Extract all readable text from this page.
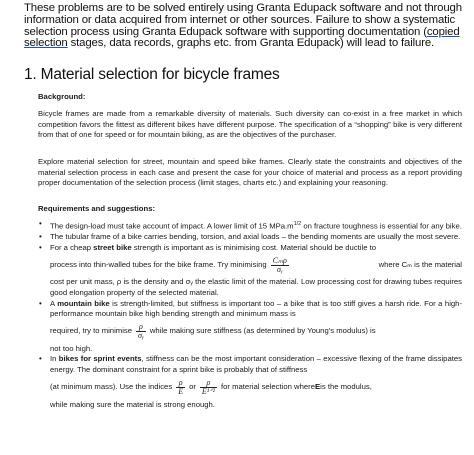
These problems are to be solved entirely using Granta Edupack software and not through information or data acquired from internet or other sources. Failure to show a systematic selection process using Granta Edupack software with supporting documentation (copied selection stages, data records, graphs etc. from Granta Edupack) will lead to failure.
1. Material selection for bicycle frames
Background:
Bicycle frames are made from a remarkable diversity of materials. Such diversity can co-exist in a free market in which competition favors the fittest as different bikes have different purpose. The specification of a “shopping” bike is very different from that of one for speed or for mountain biking, as are the objectives of the purchaser.
Explore material selection for street, mountain and speed bike frames. Clearly state the constraints and objectives of the material selection process in each case and present the case for your choice of material and process as a report providing proper documentation of the selection process (limit stages, charts etc.) and explaining your reasoning.
Requirements and suggestions:
• The design-load must take account of impact. A lower limit of 15 $MPa.m^{1/2}$ on fracture toughness is essential for any bike.
• The tubular frame of a bike carries bending, torsion, and axial loads – the bending moments are usually the most severe.
• For a cheap street bike strength is important as is minimising cost. Material should be ductile to
process into thin-walled tubes for the bike frame. Try minimising $\frac{\text{Cₘρ}}{\text{σᵧ}}$	where Cₘ is the material
cost per unit mass, ρ is the density and σᵧ the elastic limit of the material. Low processing cost for drawing tubes requires good elongation property of the selected material.
• A mountain bike is strength-limited, but stiffness is important too – a bike that is too stiff gives a harsh ride. For a high-performance mountain bike high bending strength and minimum mass is
required, try to minimise $\frac{\rho}{\text{σᵧ}}$ while making sure stiffness (as determined by Young’s modulus) is
not too high.
• In bikes for sprint events, stiffness can be the most important consideration – excessive flexing of the frame dissipates energy. The dominant constraint for a sprint bike is probably that of stiffness
(at minimum mass). Use the indices $\frac{\rho}{E}$ or $\frac{\rho}{\text{E¹ᐟ²}}$ for material selection where E is the modulus,
while making sure the material is strong enough.
